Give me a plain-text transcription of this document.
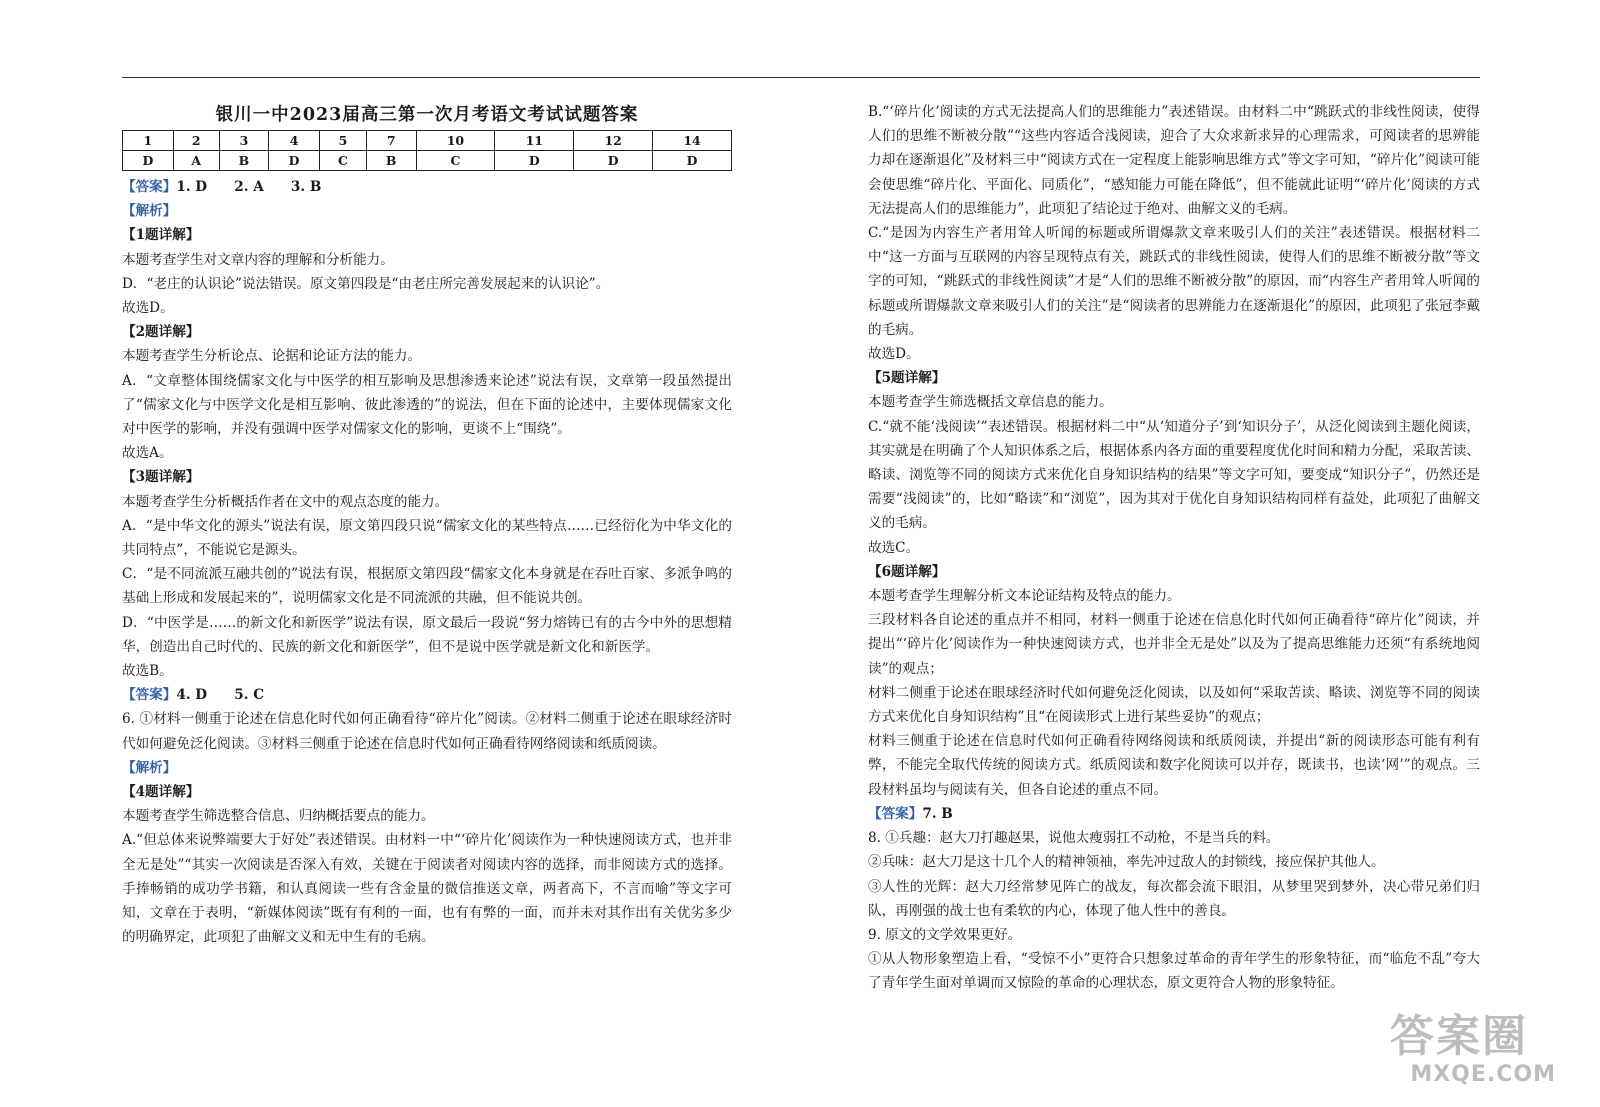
银川一中2023届高三第一次月考语文考试试题答案
1	2	3	4	5	7	10	11	12	14
D	A	B	D	C	B	C	D	D	D

【答案】1. D　　2. A　　3. B

【解析】

【1题详解】

本题考查学生对文章内容的理解和分析能力。

D．“老庄的认识论”说法错误。原文第四段是“由老庄所完善发展起来的认识论”。

故选D。

【2题详解】

本题考查学生分析论点、论据和论证方法的能力。

A．“文章整体围绕儒家文化与中医学的相互影响及思想渗透来论述”说法有误，文章第一段虽然提出了“儒家文化与中医学文化是相互影响、彼此渗透的”的说法，但在下面的论述中，主要体现儒家文化对中医学的影响，并没有强调中医学对儒家文化的影响，更谈不上“围绕”。

故选A。

【3题详解】

本题考查学生分析概括作者在文中的观点态度的能力。

A．“是中华文化的源头”说法有误，原文第四段只说“儒家文化的某些特点……已经衍化为中华文化的共同特点”，不能说它是源头。

C．“是不同流派互融共创的”说法有误，根据原文第四段“儒家文化本身就是在吞吐百家、多派争鸣的基础上形成和发展起来的”，说明儒家文化是不同流派的共融，但不能说共创。

D．“中医学是……的新文化和新医学”说法有误，原文最后一段说“努力熔铸已有的古今中外的思想精华，创造出自己时代的、民族的新文化和新医学”，但不是说中医学就是新文化和新医学。

故选B。

【答案】4. D　　5. C

6. ①材料一侧重于论述在信息化时代如何正确看待“碎片化”阅读。②材料二侧重于论述在眼球经济时代如何避免泛化阅读。③材料三侧重于论述在信息时代如何正确看待网络阅读和纸质阅读。

【解析】

【4题详解】

本题考查学生筛选整合信息、归纳概括要点的能力。

A.“但总体来说弊端要大于好处”表述错误。由材料一中“‘碎片化’阅读作为一种快速阅读方式，也并非全无是处”“其实一次阅读是否深入有效，关键在于阅读者对阅读内容的选择，而非阅读方式的选择。手捧畅销的成功学书籍，和认真阅读一些有含金量的微信推送文章，两者高下，不言而喻”等文字可知，文章在于表明，“新媒体阅读”既有有利的一面，也有有弊的一面，而并未对其作出有关优劣多少的明确界定，此项犯了曲解文义和无中生有的毛病。

B.“‘碎片化’阅读的方式无法提高人们的思维能力”表述错误。由材料二中“跳跃式的非线性阅读，使得人们的思维不断被分散”“这些内容适合浅阅读，迎合了大众求新求异的心理需求，可阅读者的思辨能力却在逐渐退化”及材料三中“阅读方式在一定程度上能影响思维方式”等文字可知，“碎片化”阅读可能会使思维“碎片化、平面化、同质化”，“感知能力可能在降低”，但不能就此证明“‘碎片化’阅读的方式无法提高人们的思维能力”，此项犯了结论过于绝对、曲解文义的毛病。

C.“是因为内容生产者用耸人听闻的标题或所谓爆款文章来吸引人们的关注”表述错误。根据材料二中“这一方面与互联网的内容呈现特点有关，跳跃式的非线性阅读，使得人们的思维不断被分散”等文字的可知，“跳跃式的非线性阅读”才是“人们的思维不断被分散”的原因，而“内容生产者用耸人听闻的标题或所谓爆款文章来吸引人们的关注”是“阅读者的思辨能力在逐渐退化”的原因，此项犯了张冠李戴的毛病。

故选D。

【5题详解】

本题考查学生筛选概括文章信息的能力。

C.“就不能‘浅阅读’”表述错误。根据材料二中“从‘知道分子’到‘知识分子’，从泛化阅读到主题化阅读，其实就是在明确了个人知识体系之后，根据体系内各方面的重要程度优化时间和精力分配，采取苦读、略读、浏览等不同的阅读方式来优化自身知识结构的结果”等文字可知，要变成“知识分子”，仍然还是需要“浅阅读”的，比如“略读”和“浏览”，因为其对于优化自身知识结构同样有益处，此项犯了曲解文义的毛病。

故选C。

【6题详解】

本题考查学生理解分析文本论证结构及特点的能力。

三段材料各自论述的重点并不相同，材料一侧重于论述在信息化时代如何正确看待“碎片化”阅读，并提出“‘碎片化’阅读作为一种快速阅读方式，也并非全无是处”以及为了提高思维能力还须“有系统地阅读”的观点；

材料二侧重于论述在眼球经济时代如何避免泛化阅读，以及如何“采取苦读、略读、浏览等不同的阅读方式来优化自身知识结构”且“在阅读形式上进行某些妥协”的观点；

材料三侧重于论述在信息时代如何正确看待网络阅读和纸质阅读，并提出“新的阅读形态可能有利有弊，不能完全取代传统的阅读方式。纸质阅读和数字化阅读可以并存，既读书，也读‘网’”的观点。三段材料虽均与阅读有关，但各自论述的重点不同。

【答案】7. B

8. ①兵趣：赵大刀打趣赵果，说他太瘦弱扛不动枪，不是当兵的料。

②兵味：赵大刀是这十几个人的精神领袖，率先冲过敌人的封锁线，接应保护其他人。

③人性的光辉：赵大刀经常梦见阵亡的战友，每次都会流下眼泪，从梦里哭到梦外，决心带兄弟们归队，再刚强的战士也有柔软的内心，体现了他人性中的善良。

9. 原文的文学效果更好。

①从人物形象塑造上看，“受惊不小”更符合只想象过革命的青年学生的形象特征，而“临危不乱”夸大了青年学生面对单调而又惊险的革命的心理状态，原文更符合人物的形象特征。

答案圈
MXQE.COM
